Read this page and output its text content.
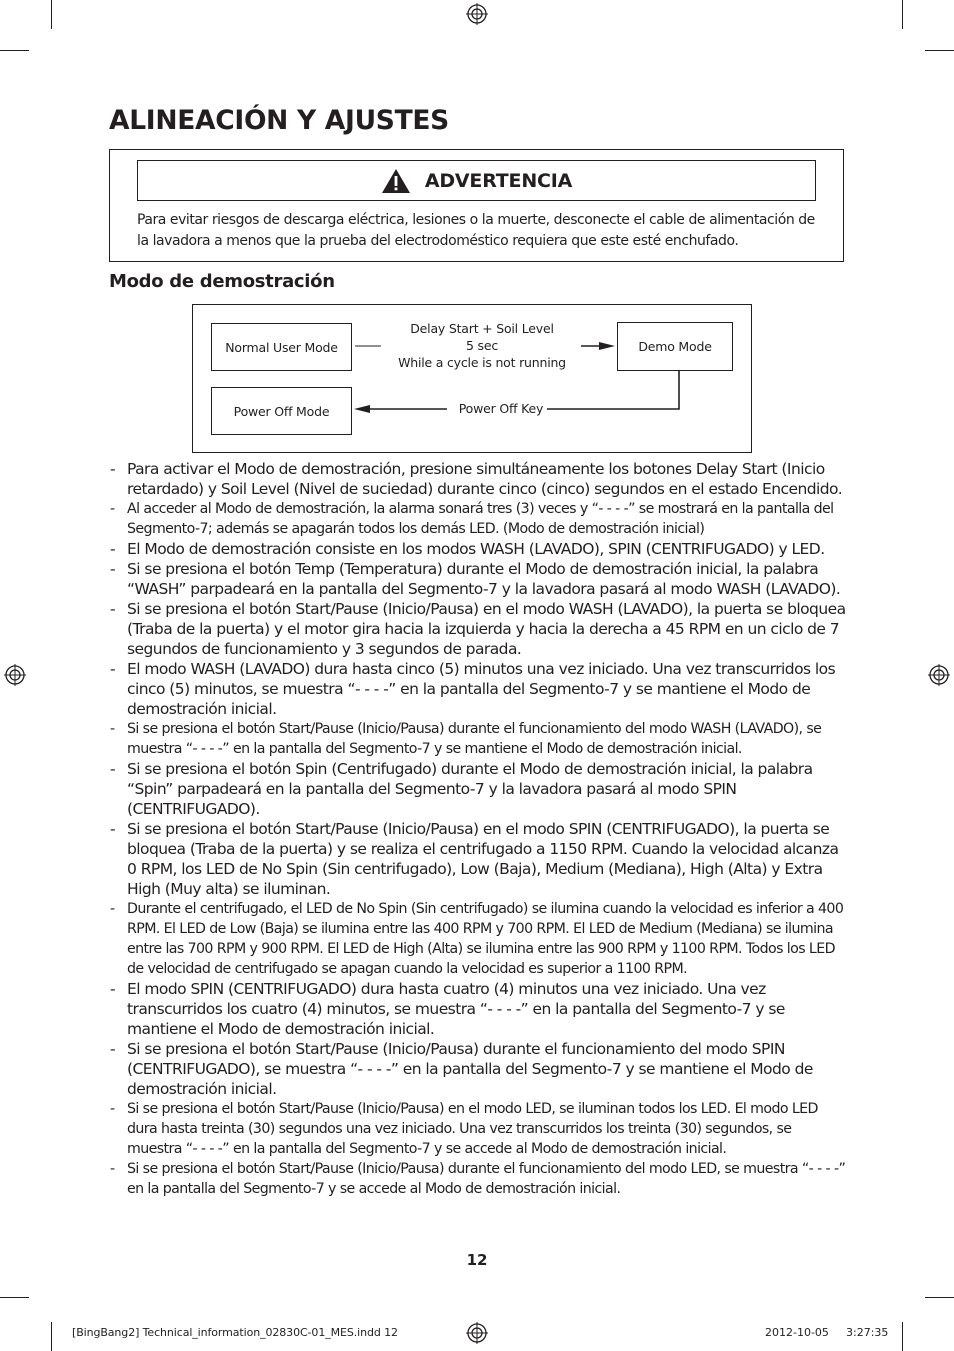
ALINEACIÓN Y AJUSTES
ADVERTENCIA
Para evitar riesgos de descarga eléctrica, lesiones o la muerte, desconecte el cable de alimentación de la lavadora a menos que la prueba del electrodoméstico requiera que este esté enchufado.
Modo de demostración
Normal User Mode	Demo Mode
Power Off Mode
Delay Start + Soil Level
5 sec
While a cycle is not running
Power Off Key
- Para activar el Modo de demostración, presione simultáneamente los botones Delay Start (Inicio retardado) y Soil Level (Nivel de suciedad) durante cinco (cinco) segundos en el estado Encendido.
- Al acceder al Modo de demostración, la alarma sonará tres (3) veces y “- - - -” se mostrará en la pantalla del Segmento-7; además se apagarán todos los demás LED. (Modo de demostración inicial)
- El Modo de demostración consiste en los modos WASH (LAVADO), SPIN (CENTRIFUGADO) y LED.
- Si se presiona el botón Temp (Temperatura) durante el Modo de demostración inicial, la palabra “WASH” parpadeará en la pantalla del Segmento-7 y la lavadora pasará al modo WASH (LAVADO).
- Si se presiona el botón Start/Pause (Inicio/Pausa) en el modo WASH (LAVADO), la puerta se bloquea (Traba de la puerta) y el motor gira hacia la izquierda y hacia la derecha a 45 RPM en un ciclo de 7 segundos de funcionamiento y 3 segundos de parada.
- El modo WASH (LAVADO) dura hasta cinco (5) minutos una vez iniciado. Una vez transcurridos los cinco (5) minutos, se muestra “- - - -” en la pantalla del Segmento-7 y se mantiene el Modo de demostración inicial.
- Si se presiona el botón Start/Pause (Inicio/Pausa) durante el funcionamiento del modo WASH (LAVADO), se muestra “- - - -” en la pantalla del Segmento-7 y se mantiene el Modo de demostración inicial.
- Si se presiona el botón Spin (Centrifugado) durante el Modo de demostración inicial, la palabra “Spin” parpadeará en la pantalla del Segmento-7 y la lavadora pasará al modo SPIN (CENTRIFUGADO).
- Si se presiona el botón Start/Pause (Inicio/Pausa) en el modo SPIN (CENTRIFUGADO), la puerta se bloquea (Traba de la puerta) y se realiza el centrifugado a 1150 RPM. Cuando la velocidad alcanza 0 RPM, los LED de No Spin (Sin centrifugado), Low (Baja), Medium (Mediana), High (Alta) y Extra High (Muy alta) se iluminan.
- Durante el centrifugado, el LED de No Spin (Sin centrifugado) se ilumina cuando la velocidad es inferior a 400 RPM. El LED de Low (Baja) se ilumina entre las 400 RPM y 700 RPM. El LED de Medium (Mediana) se ilumina entre las 700 RPM y 900 RPM. El LED de High (Alta) se ilumina entre las 900 RPM y 1100 RPM. Todos los LED de velocidad de centrifugado se apagan cuando la velocidad es superior a 1100 RPM.
- El modo SPIN (CENTRIFUGADO) dura hasta cuatro (4) minutos una vez iniciado. Una vez transcurridos los cuatro (4) minutos, se muestra “- - - -” en la pantalla del Segmento-7 y se mantiene el Modo de demostración inicial.
- Si se presiona el botón Start/Pause (Inicio/Pausa) durante el funcionamiento del modo SPIN (CENTRIFUGADO), se muestra “- - - -” en la pantalla del Segmento-7 y se mantiene el Modo de demostración inicial.
- Si se presiona el botón Start/Pause (Inicio/Pausa) en el modo LED, se iluminan todos los LED. El modo LED dura hasta treinta (30) segundos una vez iniciado. Una vez transcurridos los treinta (30) segundos, se muestra “- - - -” en la pantalla del Segmento-7 y se accede al Modo de demostración inicial.
- Si se presiona el botón Start/Pause (Inicio/Pausa) durante el funcionamiento del modo LED, se muestra “- - - -” en la pantalla del Segmento-7 y se accede al Modo de demostración inicial.
12
[BingBang2] Technical_information_02830C-01_MES.indd 12	2012-10-05 3:27:35
